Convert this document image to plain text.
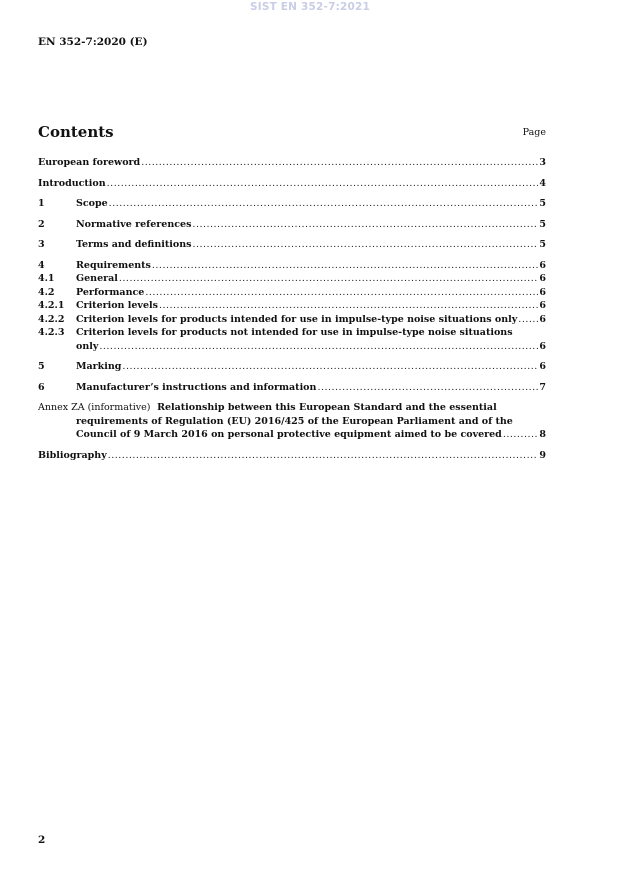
SIST EN 352-7:2021
EN 352-7:2020 (E)
Contents	Page
European foreword .....	3
Introduction .....	4
1	Scope .....	5
2	Normative references .....	5
3	Terms and definitions .....	5
4	Requirements .....	6
4.1 General .....	6
4.2 Performance .....	6
4.2.1 Criterion levels .....	6
4.2.2 Criterion levels for products intended for use in impulse-type noise situations only ..... 6
4.2.3 Criterion levels for products not intended for use in impulse-type noise situations
only .....	6
5	Marking .....	6
6	Manufacturer’s instructions and information .....	7
Annex ZA (informative) Relationship between this European Standard and the essential
requirements of Regulation (EU) 2016/425 of the European Parliament and of the
Council of 9 March 2016 on personal protective equipment aimed to be covered .....	8
Bibliography .....	9
2
